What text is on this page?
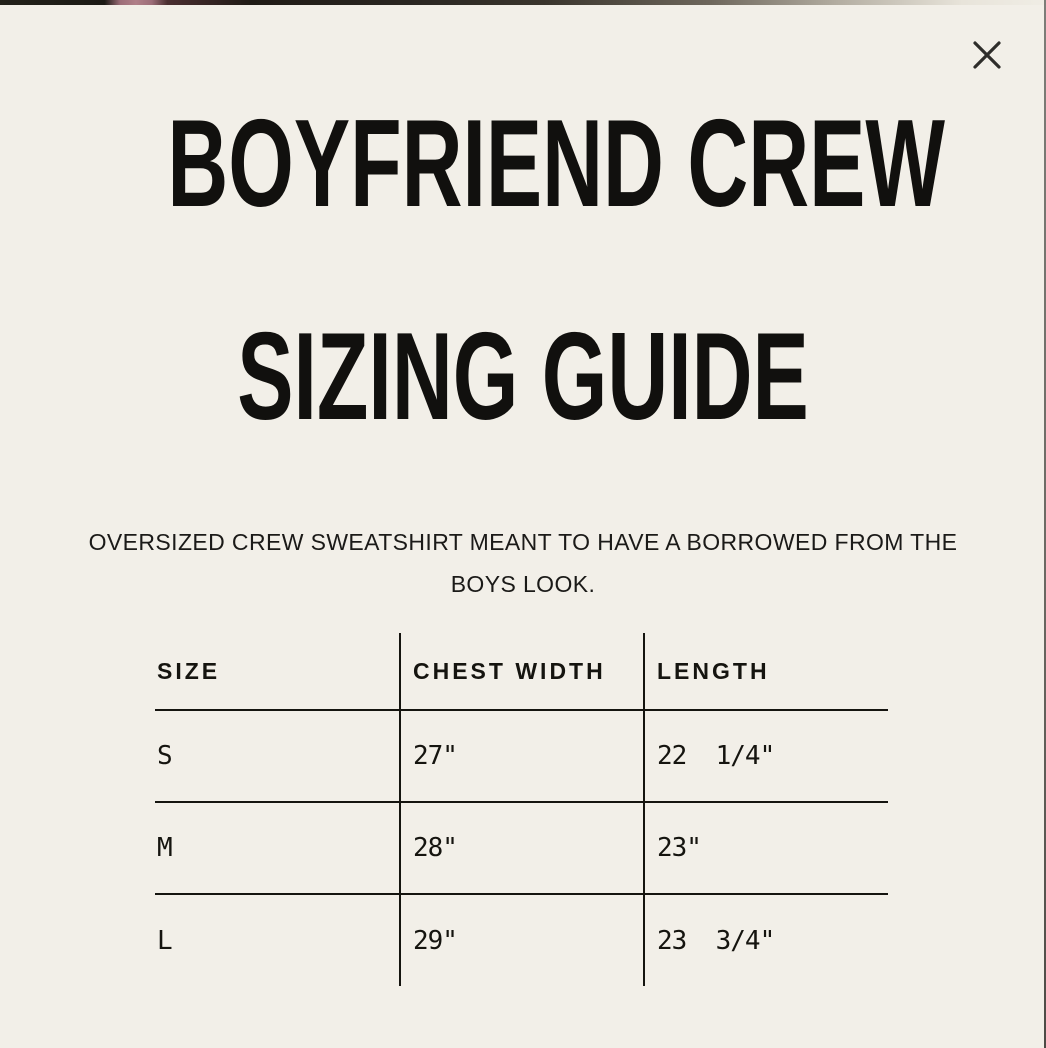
BOYFRIEND CREW
SIZING GUIDE

OVERSIZED CREW SWEATSHIRT MEANT TO HAVE A BORROWED FROM THE
BOYS LOOK.

SIZE	CHEST WIDTH	LENGTH
S	27"	22  1/4"
M	28"	23"
L	29"	23  3/4"
